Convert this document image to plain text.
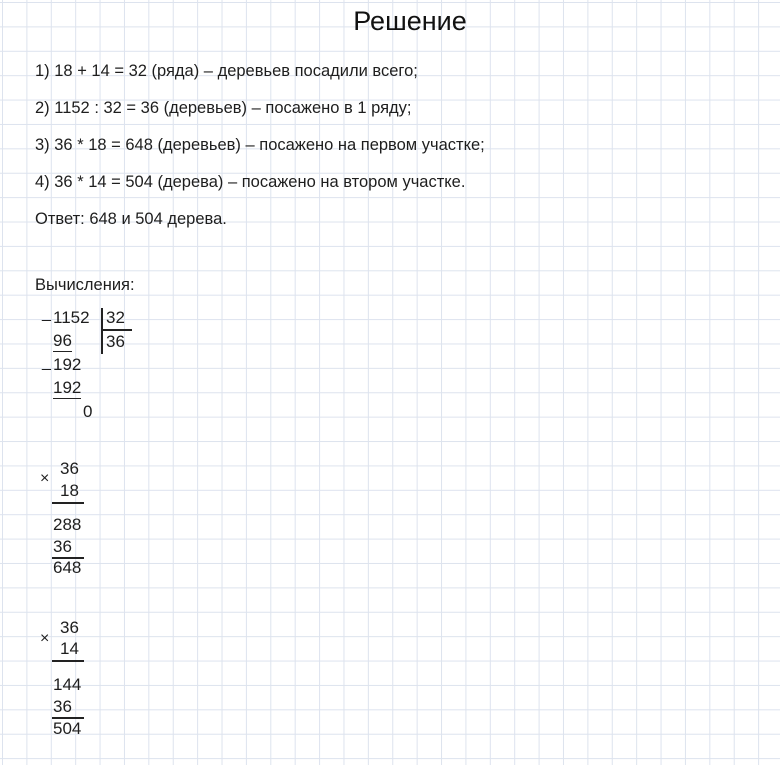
Решение
1) 18 + 14 = 32 (ряда) – деревьев посадили всего;
2) 1152 : 32 = 36 (деревьев) – посажено в 1 ряду;
3) 36 * 18 = 648 (деревьев) – посажено на первом участке;
4) 36 * 14 = 504 (дерева) – посажено на втором участке.
Ответ: 648 и 504 дерева.
Вычисления:
_ 1152 32
96 36
_ 192
192
0
×
36
18
288
36
648
×
36
14
144
36
504
